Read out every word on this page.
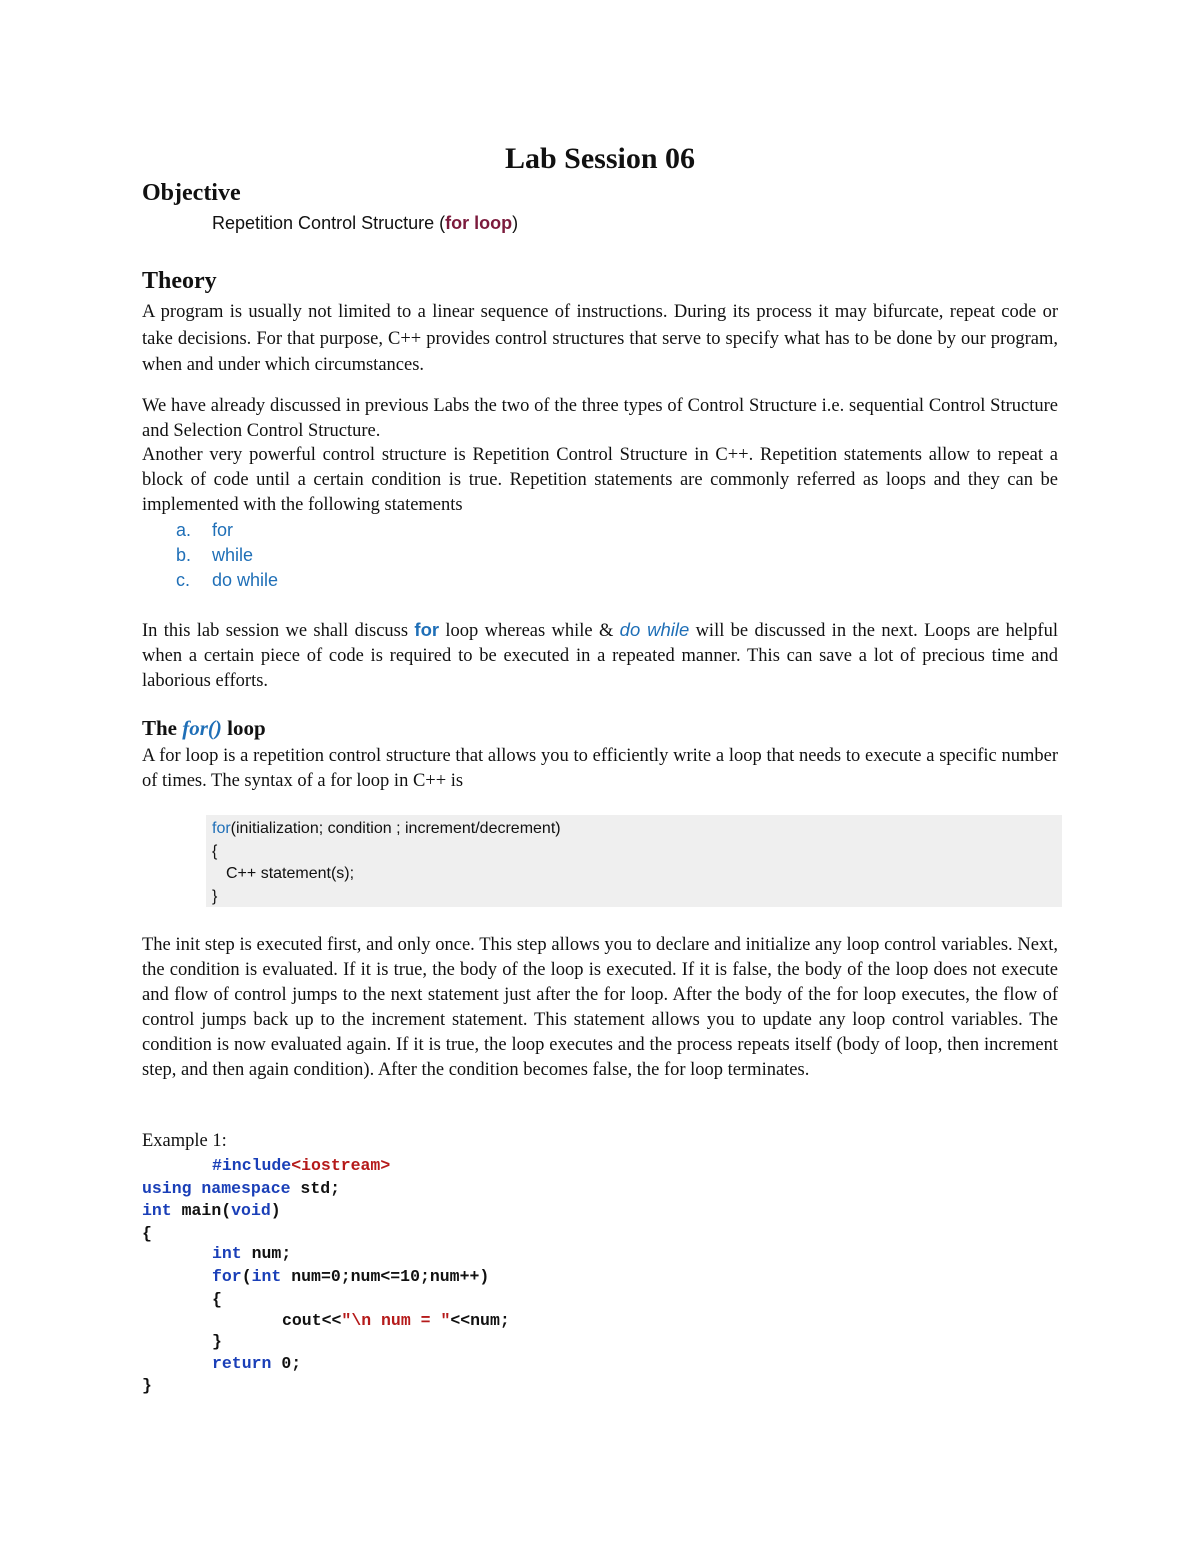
Lab Session 06
Objective
Repetition Control Structure (for loop)
Theory
A program is usually not limited to a linear sequence of instructions. During its process it may bifurcate, repeat code or take decisions. For that purpose, C++ provides control structures that serve to specify what has to be done by our program, when and under which circumstances.
We have already discussed in previous Labs the two of the three types of Control Structure i.e. sequential Control Structure and Selection Control Structure.
Another very powerful control structure is Repetition Control Structure in C++. Repetition statements allow to repeat a block of code until a certain condition is true. Repetition statements are commonly referred as loops and they can be implemented with the following statements
a.	for
b.	while
c.	do while
In this lab session we shall discuss for loop whereas while & do while will be discussed in the next. Loops are helpful when a certain piece of code is required to be executed in a repeated manner. This can save a lot of precious time and laborious efforts.
The for() loop
A for loop is a repetition control structure that allows you to efficiently write a loop that needs to execute a specific number of times. The syntax of a for loop in C++ is
for(initialization; condition ; increment/decrement)
{
C++ statement(s);
}
The init step is executed first, and only once. This step allows you to declare and initialize any loop control variables. Next, the condition is evaluated. If it is true, the body of the loop is executed. If it is false, the body of the loop does not execute and flow of control jumps to the next statement just after the for loop. After the body of the for loop executes, the flow of control jumps back up to the increment statement. This statement allows you to update any loop control variables. The condition is now evaluated again. If it is true, the loop executes and the process repeats itself (body of loop, then increment step, and then again condition). After the condition becomes false, the for loop terminates.
Example 1:
#include<iostream>
using namespace std;
int main(void)
{
int num;
for(int num=0;num<=10;num++)
{
cout<<"\n num = "<<num;
}
return 0;
}
